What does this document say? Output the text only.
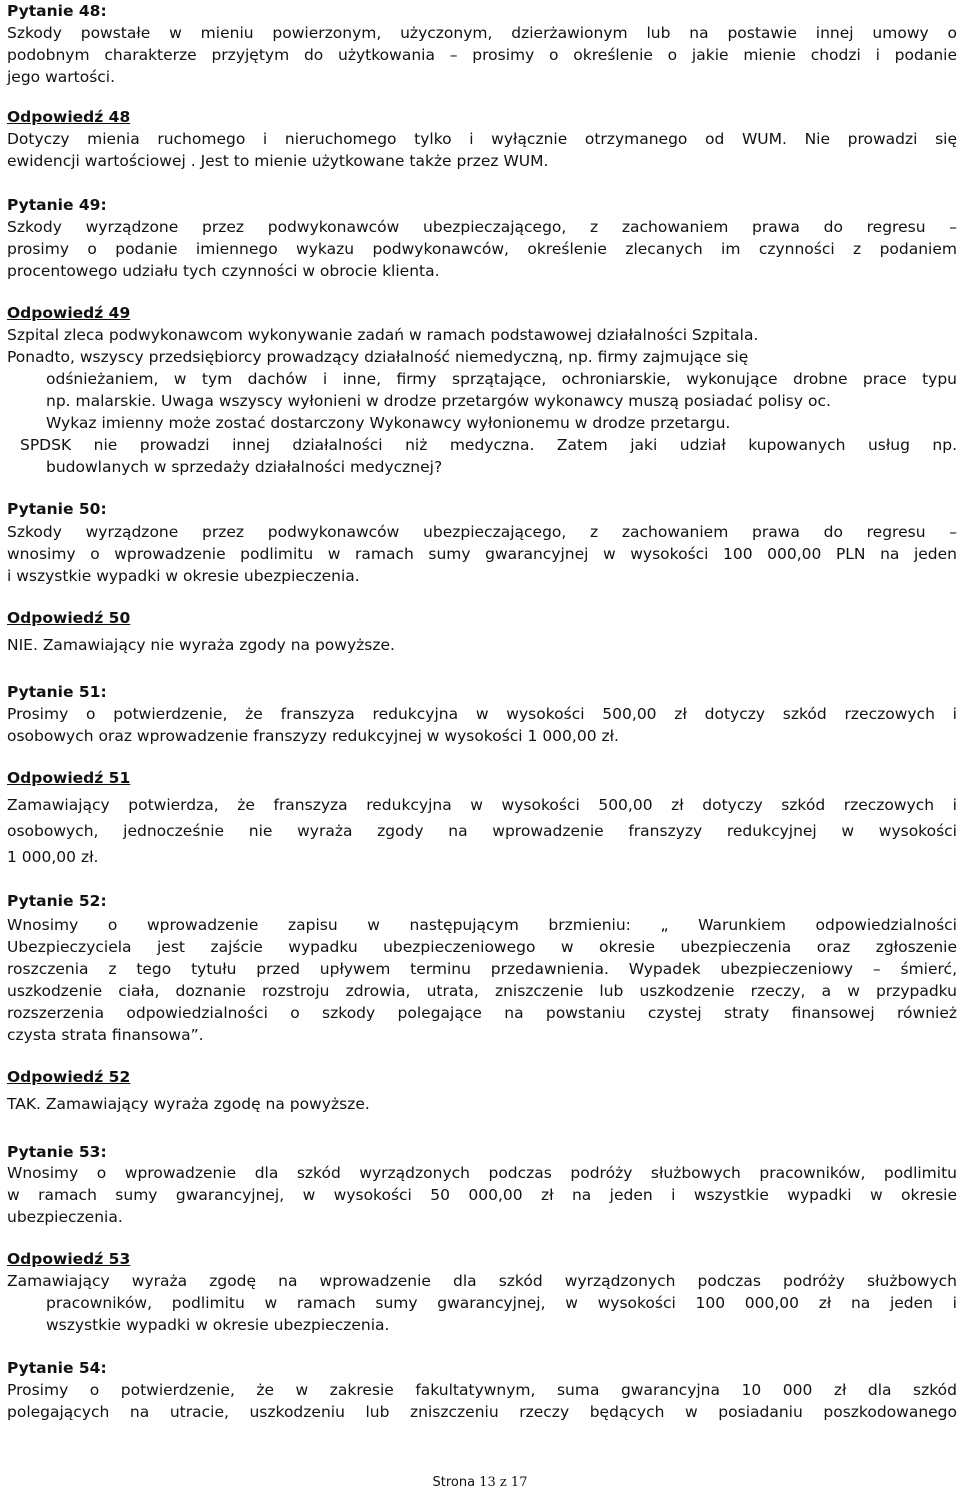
Pytanie 48:
Szkody powstałe w mieniu powierzonym, użyczonym, dzierżawionym lub na postawie innej umowy o
podobnym charakterze przyjętym do użytkowania – prosimy o określenie o jakie mienie chodzi i podanie
jego wartości.
Odpowiedź 48
Dotyczy mienia ruchomego i nieruchomego tylko i wyłącznie otrzymanego od WUM. Nie prowadzi się
ewidencji wartościowej . Jest to mienie użytkowane także przez WUM.
Pytanie 49:
Szkody wyrządzone przez podwykonawców ubezpieczającego, z zachowaniem prawa do regresu –
prosimy o podanie imiennego wykazu podwykonawców, określenie zlecanych im czynności z podaniem
procentowego udziału tych czynności w obrocie klienta.
Odpowiedź 49
Szpital zleca podwykonawcom wykonywanie zadań w ramach podstawowej działalności Szpitala.
Ponadto, wszyscy przedsiębiorcy prowadzący działalność niemedyczną, np. firmy zajmujące się
odśnieżaniem, w tym dachów i inne, firmy sprzątające, ochroniarskie, wykonujące drobne prace typu
np. malarskie. Uwaga wszyscy wyłonieni w drodze przetargów wykonawcy muszą posiadać polisy oc.
Wykaz imienny może zostać dostarczony Wykonawcy wyłonionemu w drodze przetargu.
SPDSK nie prowadzi innej działalności niż medyczna. Zatem jaki udział kupowanych usług np.
budowlanych w sprzedaży działalności medycznej?
Pytanie 50:
Szkody wyrządzone przez podwykonawców ubezpieczającego, z zachowaniem prawa do regresu –
wnosimy o wprowadzenie podlimitu w ramach sumy gwarancyjnej w wysokości 100 000,00 PLN na jeden
i wszystkie wypadki w okresie ubezpieczenia.
Odpowiedź 50
NIE. Zamawiający nie wyraża zgody na powyższe.
Pytanie 51:
Prosimy o potwierdzenie, że franszyza redukcyjna w wysokości 500,00 zł dotyczy szkód rzeczowych i
osobowych oraz wprowadzenie franszyzy redukcyjnej w wysokości 1 000,00 zł.
Odpowiedź 51
Zamawiający potwierdza, że franszyza redukcyjna w wysokości 500,00 zł dotyczy szkód rzeczowych i
osobowych, jednocześnie nie wyraża zgody na wprowadzenie franszyzy redukcyjnej w wysokości
1 000,00 zł.
Pytanie 52:
Wnosimy o wprowadzenie zapisu w następującym brzmieniu: „ Warunkiem odpowiedzialności
Ubezpieczyciela jest zajście wypadku ubezpieczeniowego w okresie ubezpieczenia oraz zgłoszenie
roszczenia z tego tytułu przed upływem terminu przedawnienia. Wypadek ubezpieczeniowy – śmierć,
uszkodzenie ciała, doznanie rozstroju zdrowia, utrata, zniszczenie lub uszkodzenie rzeczy, a w przypadku
rozszerzenia odpowiedzialności o szkody polegające na powstaniu czystej straty finansowej również
czysta strata finansowa”.
Odpowiedź 52
TAK. Zamawiający wyraża zgodę na powyższe.
Pytanie 53:
Wnosimy o wprowadzenie dla szkód wyrządzonych podczas podróży służbowych pracowników, podlimitu
w ramach sumy gwarancyjnej, w wysokości 50 000,00 zł na jeden i wszystkie wypadki w okresie
ubezpieczenia.
Odpowiedź 53
Zamawiający wyraża zgodę na wprowadzenie dla szkód wyrządzonych podczas podróży służbowych
pracowników, podlimitu w ramach sumy gwarancyjnej, w wysokości 100 000,00 zł na jeden i
wszystkie wypadki w okresie ubezpieczenia.
Pytanie 54:
Prosimy o potwierdzenie, że w zakresie fakultatywnym, suma gwarancyjna 10 000 zł dla szkód
polegających na utracie, uszkodzeniu lub zniszczeniu rzeczy będących w posiadaniu poszkodowanego
Strona 13 z 17
